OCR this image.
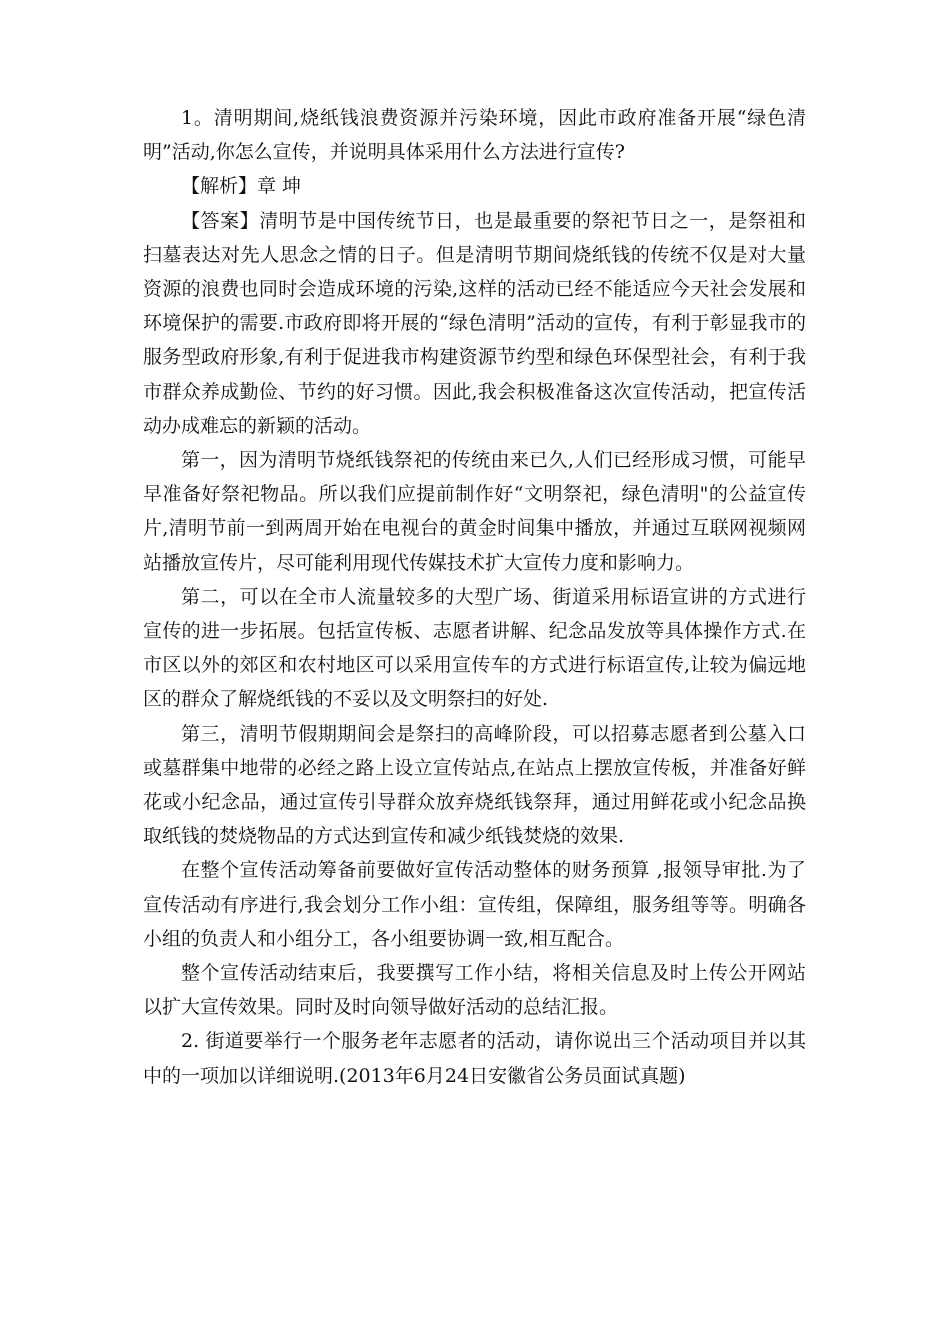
1。清明期间,烧纸钱浪费资源并污染环境，因此市政府准备开展“绿色清明”活动,你怎么宣传，并说明具体采用什么方法进行宣传?

【解析】章 坤

【答案】清明节是中国传统节日，也是最重要的祭祀节日之一，是祭祖和扫墓表达对先人思念之情的日子。但是清明节期间烧纸钱的传统不仅是对大量资源的浪费也同时会造成环境的污染,这样的活动已经不能适应今天社会发展和环境保护的需要.市政府即将开展的“绿色清明”活动的宣传，有利于彰显我市的服务型政府形象,有利于促进我市构建资源节约型和绿色环保型社会，有利于我市群众养成勤俭、节约的好习惯。因此,我会积极准备这次宣传活动，把宣传活动办成难忘的新颖的活动。

第一，因为清明节烧纸钱祭祀的传统由来已久,人们已经形成习惯，可能早早准备好祭祀物品。所以我们应提前制作好“文明祭祀，绿色清明"的公益宣传片,清明节前一到两周开始在电视台的黄金时间集中播放，并通过互联网视频网站播放宣传片，尽可能利用现代传媒技术扩大宣传力度和影响力。

第二，可以在全市人流量较多的大型广场、街道采用标语宣讲的方式进行宣传的进一步拓展。包括宣传板、志愿者讲解、纪念品发放等具体操作方式.在市区以外的郊区和农村地区可以采用宣传车的方式进行标语宣传,让较为偏远地区的群众了解烧纸钱的不妥以及文明祭扫的好处.

第三，清明节假期期间会是祭扫的高峰阶段，可以招募志愿者到公墓入口或墓群集中地带的必经之路上设立宣传站点,在站点上摆放宣传板，并准备好鲜花或小纪念品，通过宣传引导群众放弃烧纸钱祭拜，通过用鲜花或小纪念品换取纸钱的焚烧物品的方式达到宣传和减少纸钱焚烧的效果.

在整个宣传活动筹备前要做好宣传活动整体的财务预算 ,报领导审批.为了宣传活动有序进行,我会划分工作小组：宣传组，保障组，服务组等等。明确各小组的负责人和小组分工，各小组要协调一致,相互配合。

整个宣传活动结束后，我要撰写工作小结，将相关信息及时上传公开网站以扩大宣传效果。同时及时向领导做好活动的总结汇报。

2. 街道要举行一个服务老年志愿者的活动，请你说出三个活动项目并以其中的一项加以详细说明.(2013年6月24日安徽省公务员面试真题)
